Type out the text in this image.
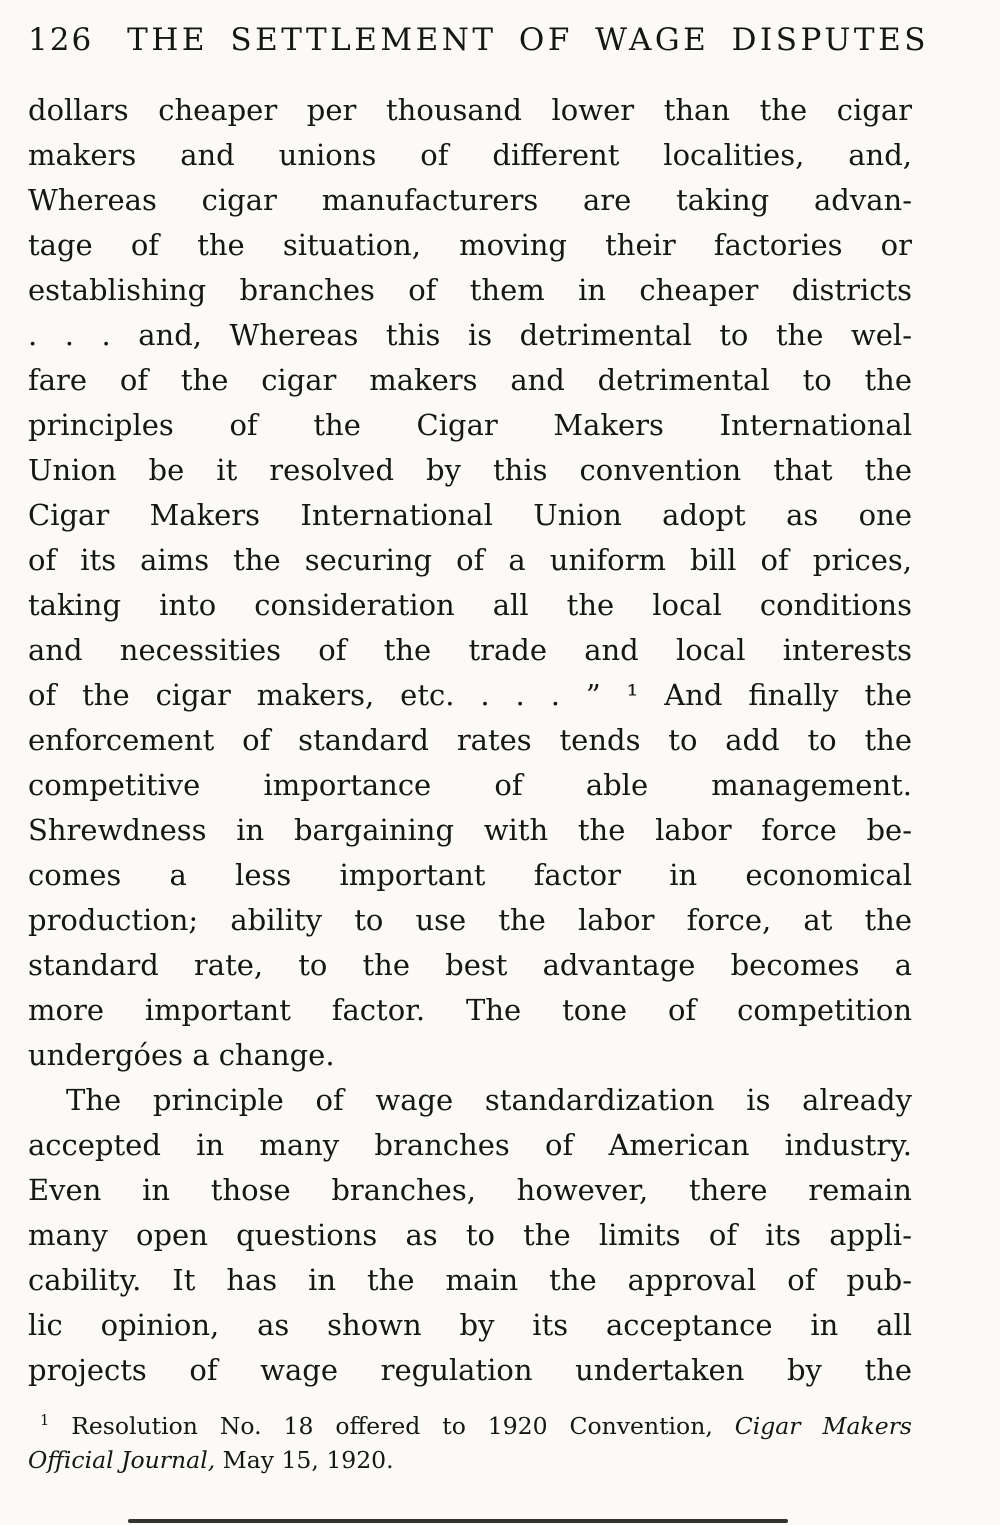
126 THE SETTLEMENT OF WAGE DISPUTES
dollars cheaper per thousand lower than the cigar
makers and unions of different localities, and,
Whereas cigar manufacturers are taking advan-
tage of the situation, moving their factories or
establishing branches of them in cheaper districts
. . . and, Whereas this is detrimental to the wel-
fare of the cigar makers and detrimental to the
principles of the Cigar Makers International
Union be it resolved by this convention that the
Cigar Makers International Union adopt as one
of its aims the securing of a uniform bill of prices,
taking into consideration all the local conditions
and necessities of the trade and local interests
of the cigar makers, etc. . . . ” ¹ And finally the
enforcement of standard rates tends to add to the
competitive importance of able management.
Shrewdness in bargaining with the labor force be-
comes a less important factor in economical
production; ability to use the labor force, at the
standard rate, to the best advantage becomes a
more important factor. The tone of competition
undergóes a change.
The principle of wage standardization is already
accepted in many branches of American industry.
Even in those branches, however, there remain
many open questions as to the limits of its appli-
cability. It has in the main the approval of pub-
lic opinion, as shown by its acceptance in all
projects of wage regulation undertaken by the
$^1$ Resolution No. 18 offered to 1920 Convention, Cigar Makers
Official Journal, May 15, 1920.
